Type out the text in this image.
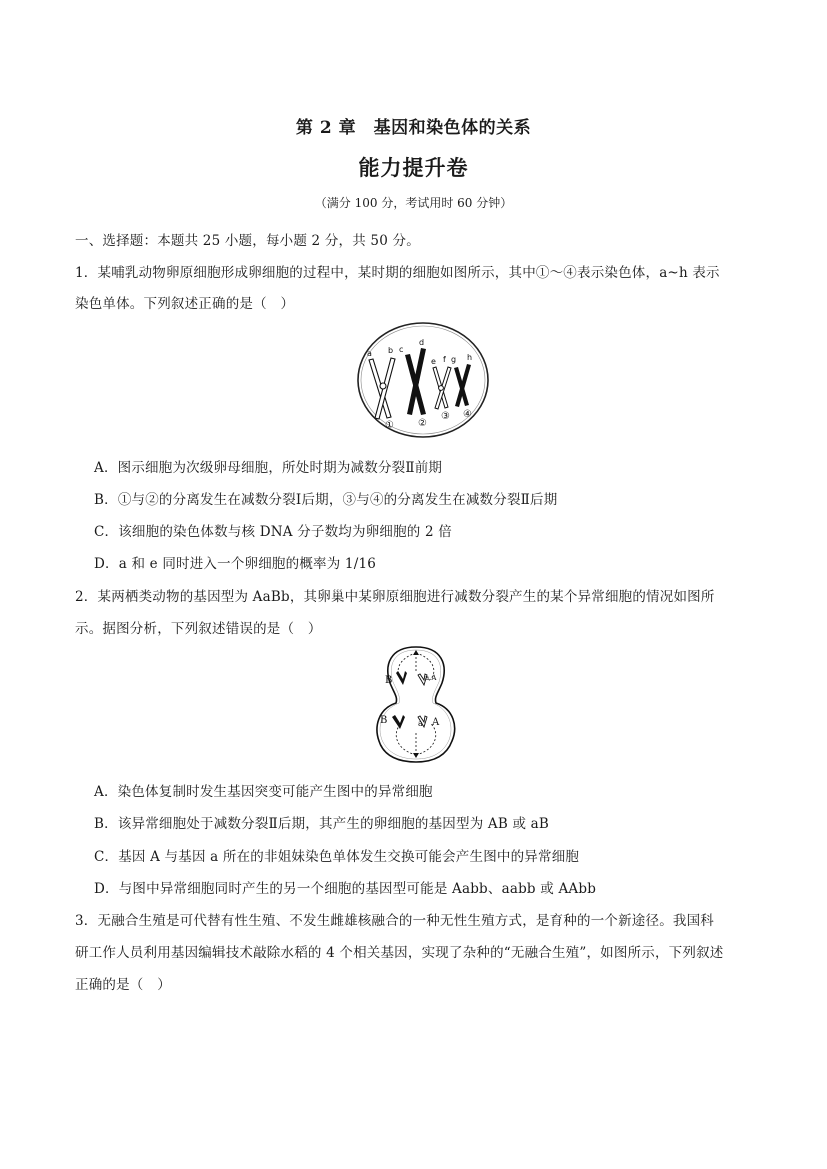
第 2 章　基因和染色体的关系
能力提升卷
（满分 100 分，考试用时 60 分钟）
一、选择题：本题共 25 小题，每小题 2 分，共 50 分。
1．某哺乳动物卵原细胞形成卵细胞的过程中，某时期的细胞如图所示，其中①～④表示染色体，a~h 表示
染色单体。下列叙述正确的是（　）
a b c
d
e f g h
① ②
③ ④
A．图示细胞为次级卵母细胞，所处时期为减数分裂Ⅱ前期
B．①与②的分离发生在减数分裂Ⅰ后期，③与④的分离发生在减数分裂Ⅱ后期
C．该细胞的染色体数与核 DNA 分子数均为卵细胞的 2 倍
D．a 和 e 同时进入一个卵细胞的概率为 1/16
2．某两栖类动物的基因型为 AaBb，其卵巢中某卵原细胞进行减数分裂产生的某个异常细胞的情况如图所
示。据图分析，下列叙述错误的是（　）
B	a A
B	a A
A．染色体复制时发生基因突变可能产生图中的异常细胞
B．该异常细胞处于减数分裂Ⅱ后期，其产生的卵细胞的基因型为 AB 或 aB
C．基因 A 与基因 a 所在的非姐妹染色单体发生交换可能会产生图中的异常细胞
D．与图中异常细胞同时产生的另一个细胞的基因型可能是 Aabb、aabb 或 AAbb
3．无融合生殖是可代替有性生殖、不发生雌雄核融合的一种无性生殖方式，是育种的一个新途径。我国科
研工作人员利用基因编辑技术敲除水稻的 4 个相关基因，实现了杂种的“无融合生殖”，如图所示，下列叙述
正确的是（　）
